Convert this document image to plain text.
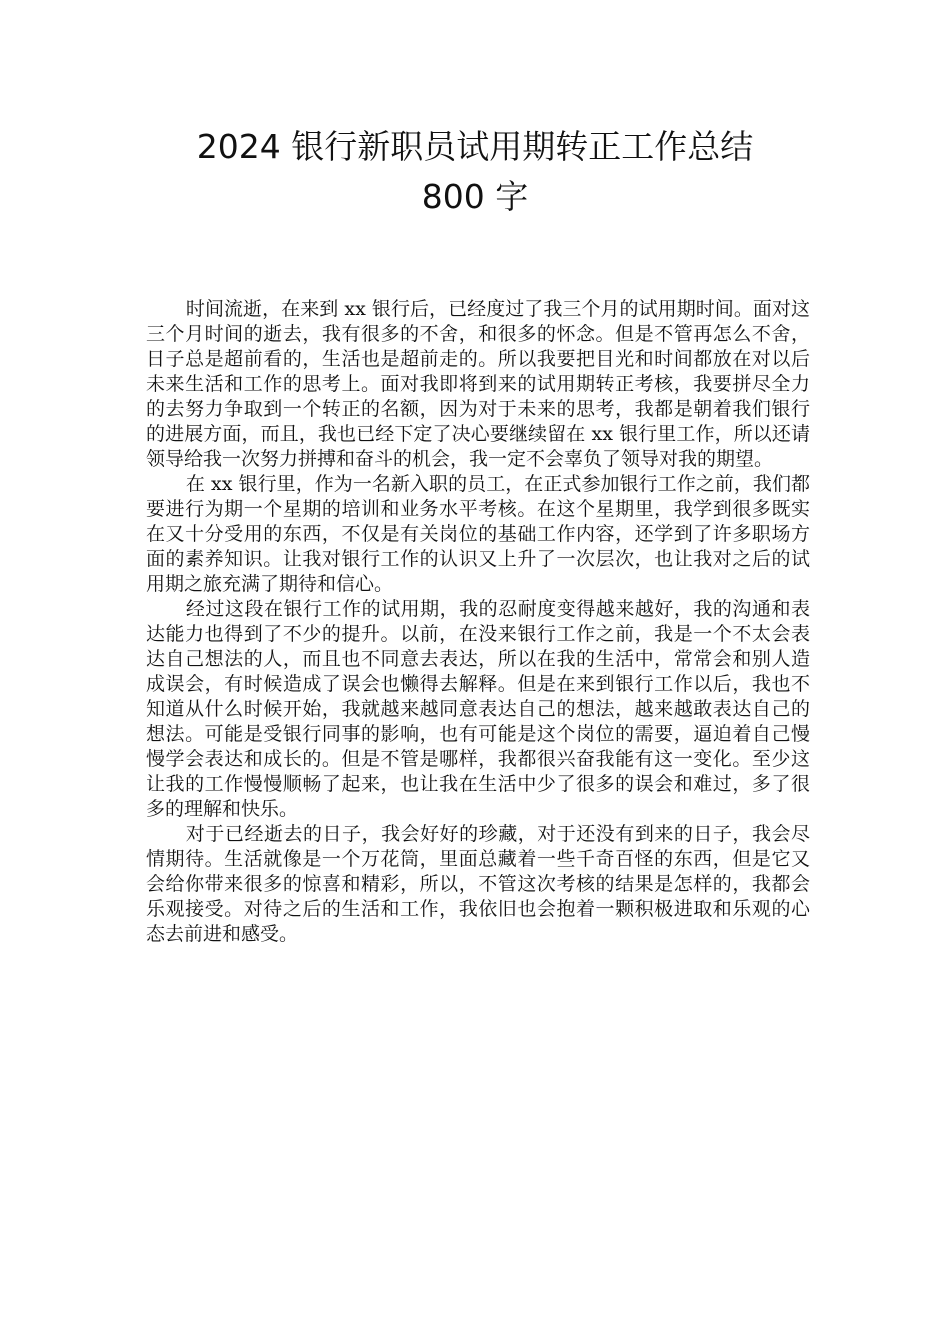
2024 银行新职员试用期转正工作总结
800 字

时间流逝，在来到 xx 银行后，已经度过了我三个月的试用期时间。面对这三个月时间的逝去，我有很多的不舍，和很多的怀念。但是不管再怎么不舍，日子总是超前看的，生活也是超前走的。所以我要把目光和时间都放在对以后未来生活和工作的思考上。面对我即将到来的试用期转正考核，我要拼尽全力的去努力争取到一个转正的名额，因为对于未来的思考，我都是朝着我们银行的进展方面，而且，我也已经下定了决心要继续留在 xx 银行里工作，所以还请领导给我一次努力拼搏和奋斗的机会，我一定不会辜负了领导对我的期望。

在 xx 银行里，作为一名新入职的员工，在正式参加银行工作之前，我们都要进行为期一个星期的培训和业务水平考核。在这个星期里，我学到很多既实在又十分受用的东西，不仅是有关岗位的基础工作内容，还学到了许多职场方面的素养知识。让我对银行工作的认识又上升了一次层次，也让我对之后的试用期之旅充满了期待和信心。

经过这段在银行工作的试用期，我的忍耐度变得越来越好，我的沟通和表达能力也得到了不少的提升。以前，在没来银行工作之前，我是一个不太会表达自己想法的人，而且也不同意去表达，所以在我的生活中，常常会和别人造成误会，有时候造成了误会也懒得去解释。但是在来到银行工作以后，我也不知道从什么时候开始，我就越来越同意表达自己的想法，越来越敢表达自己的想法。可能是受银行同事的影响，也有可能是这个岗位的需要，逼迫着自己慢慢学会表达和成长的。但是不管是哪样，我都很兴奋我能有这一变化。至少这让我的工作慢慢顺畅了起来，也让我在生活中少了很多的误会和难过，多了很多的理解和快乐。

对于已经逝去的日子，我会好好的珍藏，对于还没有到来的日子，我会尽情期待。生活就像是一个万花筒，里面总藏着一些千奇百怪的东西，但是它又会给你带来很多的惊喜和精彩，所以，不管这次考核的结果是怎样的，我都会乐观接受。对待之后的生活和工作，我依旧也会抱着一颗积极进取和乐观的心态去前进和感受。
